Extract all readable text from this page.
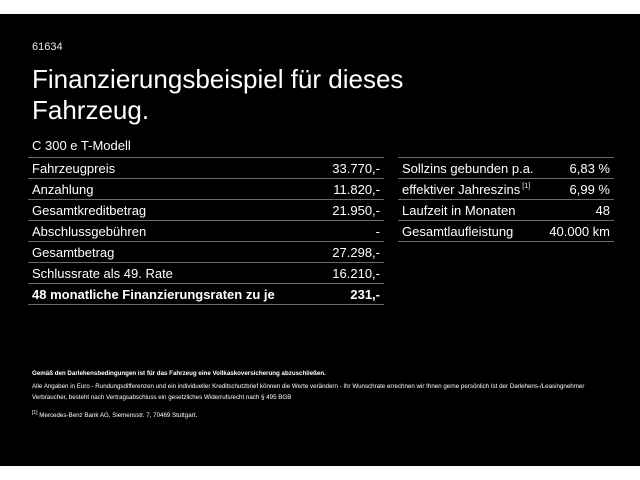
61634
Finanzierungsbeispiel für dieses Fahrzeug.
C 300 e T-Modell
Fahrzeugpreis	33.770,-
Anzahlung	11.820,-
Gesamtkreditbetrag	21.950,-
Abschlussgebühren	-
Gesamtbetrag	27.298,-
Schlussrate als 49. Rate	16.210,-
48 monatliche Finanzierungsraten zu je	231,-
Sollzins gebunden p.a.	6,83 %
effektiver Jahreszins [1]	6,99 %
Laufzeit in Monaten	48
Gesamtlaufleistung	40.000 km
Gemäß den Darlehensbedingungen ist für das Fahrzeug eine Vollkaskoversicherung abzuschließen.
Alle Angaben in Euro - Rundungsdifferenzen und ein individueller Kreditschutzbrief können die Werte verändern - Ihr Wunschrate errechnen wir Ihnen gerne persönlich Ist der Darlehens-/Leasingnehmer Verbraucher, besteht nach Vertragsabschluss ein gesetzliches Widerrufsrecht nach § 495 BGB
[1] Mercedes-Benz Bank AG, Siemensstr. 7, 70469 Stuttgart.
